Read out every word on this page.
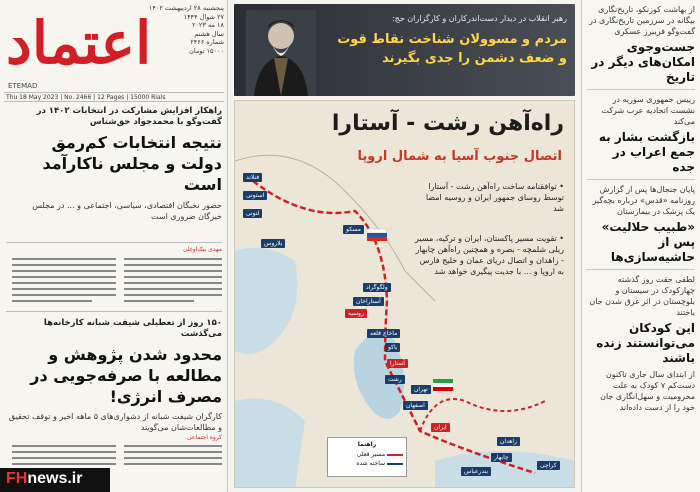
اعتماد
ETEMAD
پنجشنبه ۲۸ اردیبهشت ۱۴۰۲
۲۷ شوال ۱۴۴۴
۱۸ مه ۲۰۲۳
سال هشتم
شماره ۲۴۶۶
۱۵۰۰۰ تومان
Thu 18 May 2023 | No. 2466 | 12 Pages | 15000 Rials
راهکار افزایش مشارکت در انتخابات ۱۴۰۲ در گفت‌وگو با محمدجواد حق‌شناس
نتیجه انتخابات کم‌رمق دولت و مجلس ناکارآمد است
حضور نخبگان اقتصادی، سیاسی، اجتماعی و ... در مجلس خیرگان ضروری است
مهدی بیک‌اوغلی
۱۵۰ روز از تعطیلی شیفت شبانه کارخانه‌ها می‌گذشت
محدود شدن پژوهش و مطالعه با صرفه‌جویی در مصرف انرژی!
کارگران شیفت شبانه از دشواری‌های ۵ ماهه اخیر و توقف تحقیق و مطالعات‌شان می‌گویند
کروه اجتماعی
FHnews.ir
رهبر انقلاب در دیدار دست‌اندرکاران و کارگزاران حج:
مردم و مسوولان شناخت نقاط قوت و ضعف دشمن را جدی بگیرند
راه‌آهن رشت - آستارا
اتصال جنوب آسیا به شمال اروپا
• توافقنامه ساخت راه‌آهن رشت - آستارا توسط روسای جمهور ایران و روسیه امضا شد
• تقویت مسیر پاکستان، ایران و ترکیه، مسیر ریلی شلمچه - بصره و همچنین راه‌آهن چابهار - زاهدان و اتصال دریای عمان و خلیج فارس به اروپا و ... با جدیت پیگیری خواهد شد
فنلاند
استونی
لتونی
بلاروس
مسکو
روسیه
ولگوگراد
آستاراخان
ماخاچ قلعه
باکو
آستارا
رشت
تهران
اصفهان
ایران
زاهدان
چابهار
بندرعباس
کراچی
راهنما
مسیر فعلی
ساخته شده
از بهاشت کوزنکو، تاریخ‌نگاری بیگانه در سرزمین تاریخ‌نگاری در گفت‌وگو فریبرز عسکری
جست‌وجوی امکان‌های دیگر در تاریخ
رییس جمهوری سوریه در نشست اتحادیه عرب شرکت می‌کند
بازگشت بشار به جمع اعراب در جده
پایان جنجال‌ها پس از گزارش روزنامه «قدس» درباره بچه‌گیر یک پزشک در بیمارستان
«طبیب حلالیت» پس از حاشیه‌سازی‌ها
لطفی حقت روز گذشته چهارکودک در سیستان و بلوچستان در اثر غرق شدن جان باختند
این کودکان می‌توانستند زنده باشند
از ابتدای سال جاری تاکنون دست‌کم ۷ کودک به علت محرومیت و سهل‌انگاری جان خود را از دست داده‌اند
